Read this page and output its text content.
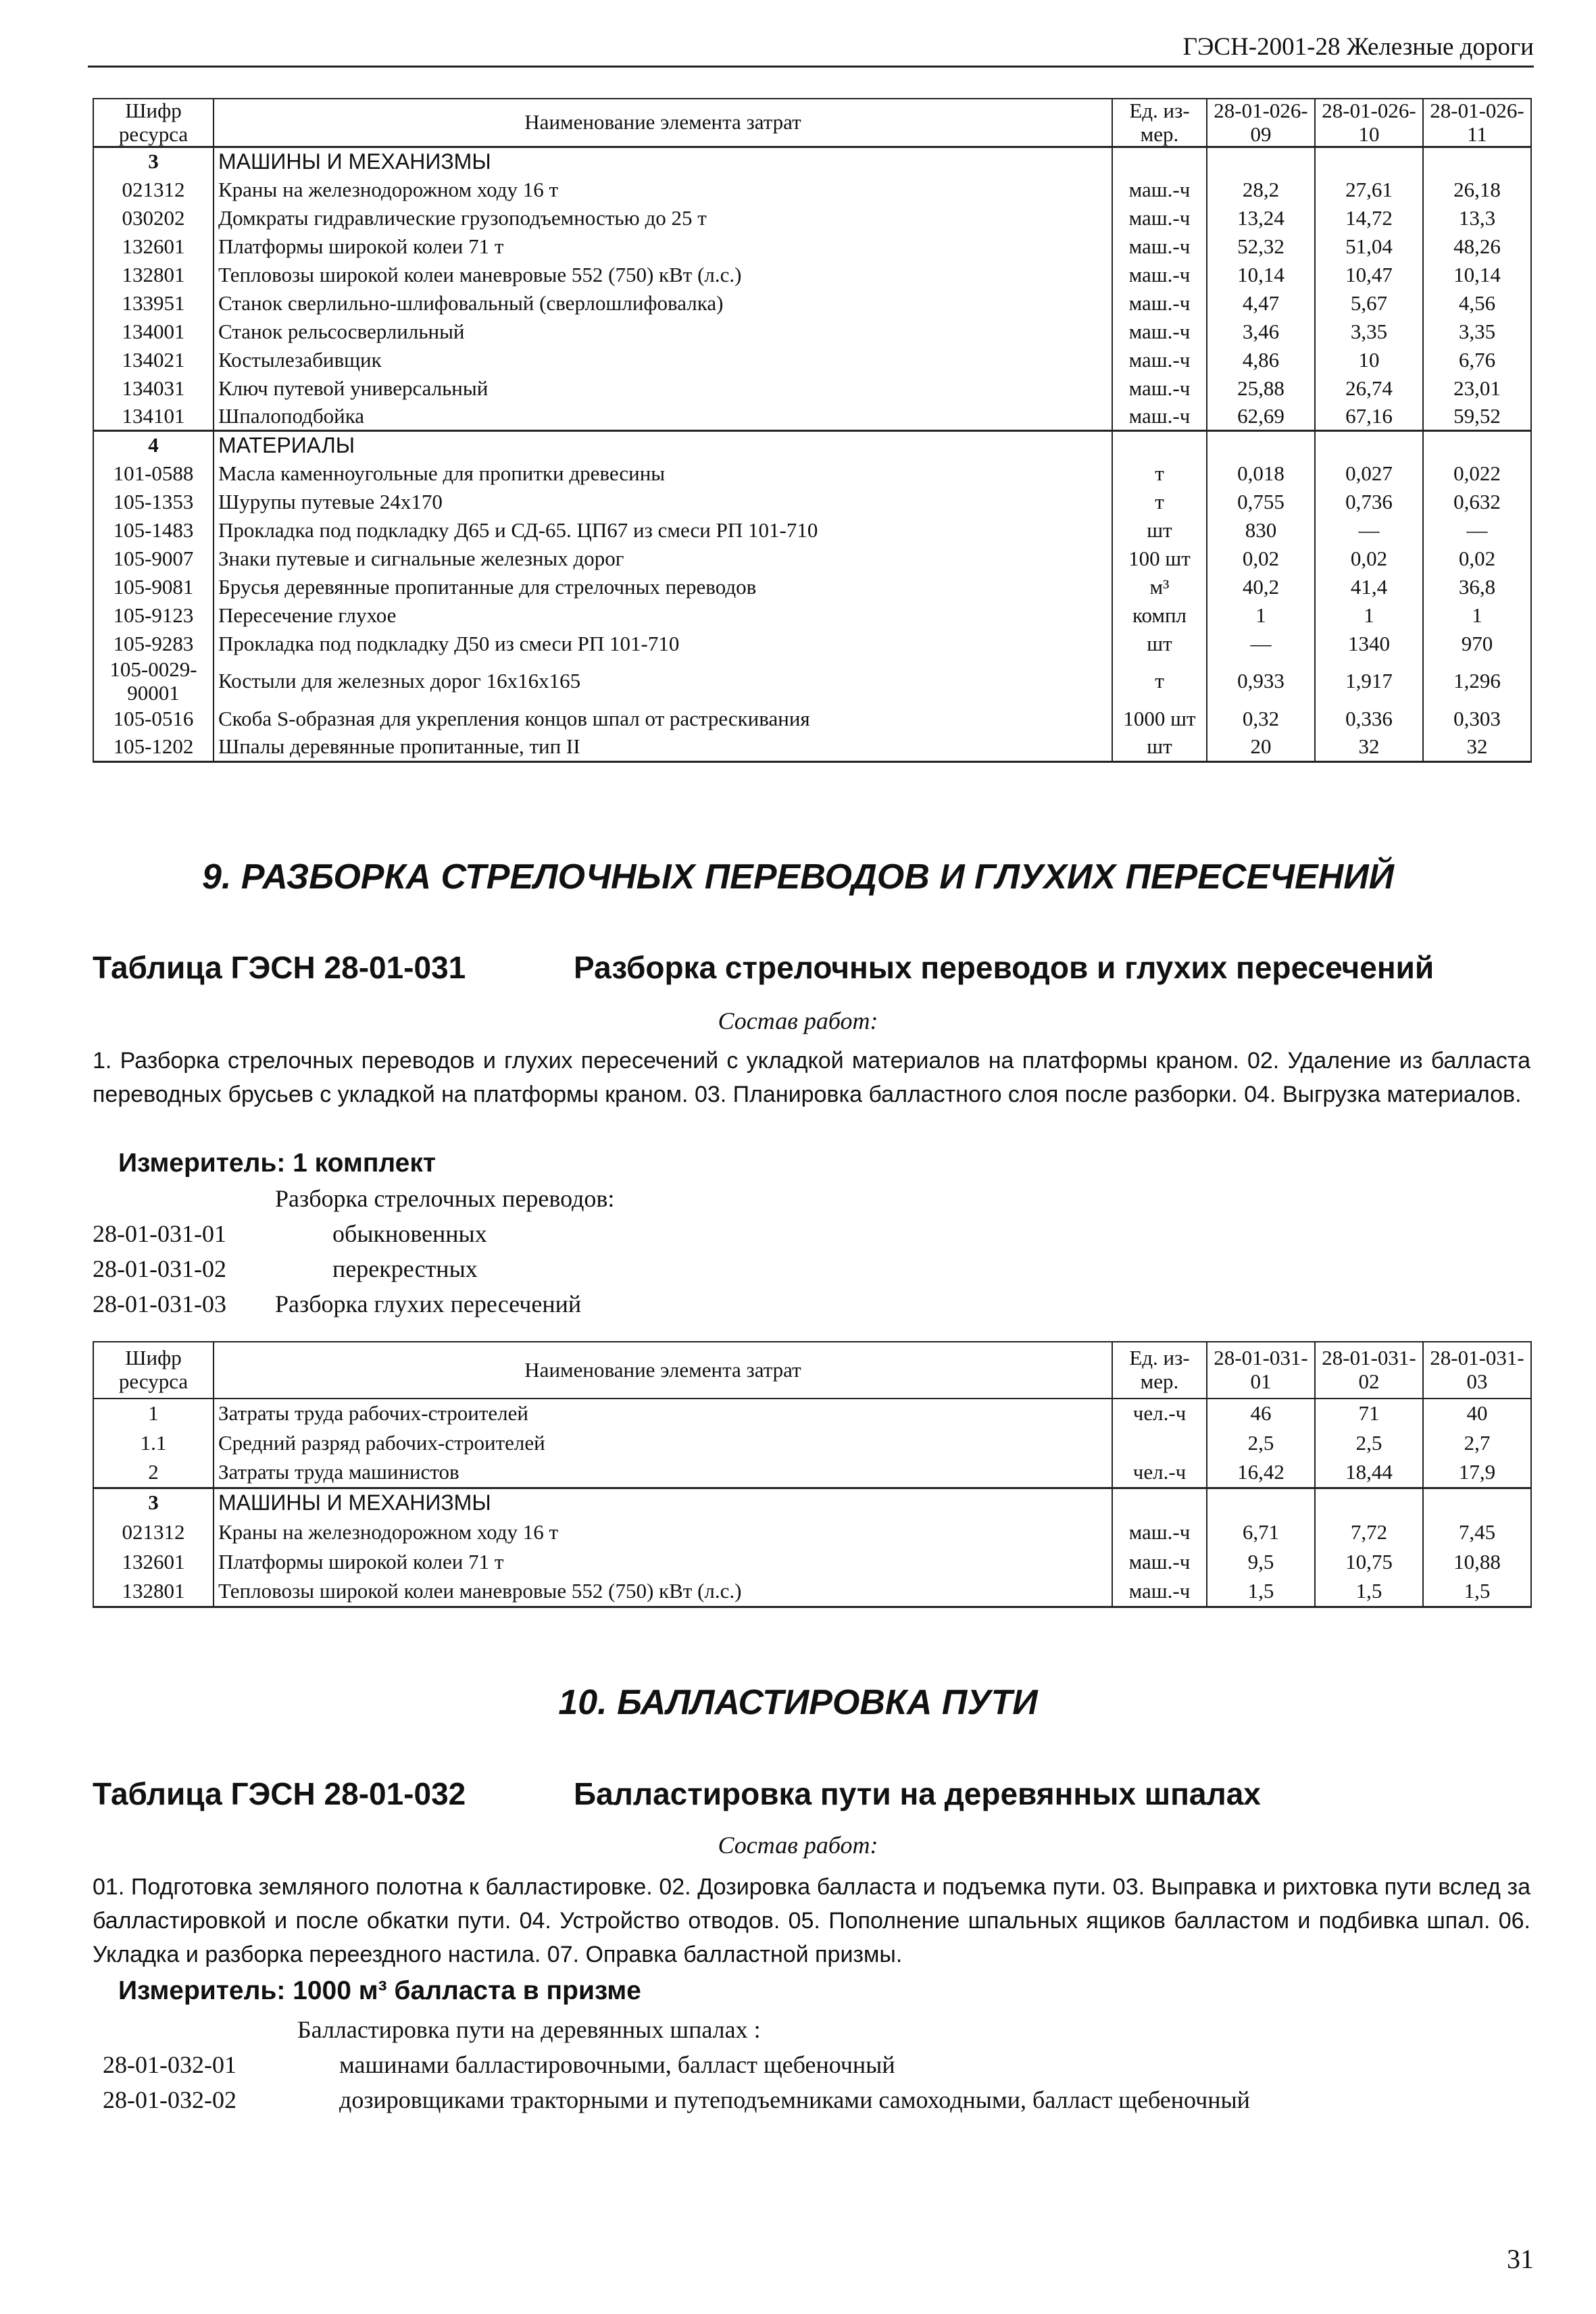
ГЭСН-2001-28 Железные дороги
Шифр ресурса	Наименование элемента затрат	Ед. из-мер.	28-01-026-09	28-01-026-10	28-01-026-11
3	МАШИНЫ И МЕХАНИЗМЫ				
021312	Краны на железнодорожном ходу 16 т	маш.-ч	28,2	27,61	26,18
030202	Домкраты гидравлические грузоподъемностью до 25 т	маш.-ч	13,24	14,72	13,3
132601	Платформы широкой колеи 71 т	маш.-ч	52,32	51,04	48,26
132801	Тепловозы широкой колеи маневровые 552 (750) кВт (л.с.)	маш.-ч	10,14	10,47	10,14
133951	Станок сверлильно-шлифовальный (сверлошлифовалка)	маш.-ч	4,47	5,67	4,56
134001	Станок рельсосверлильный	маш.-ч	3,46	3,35	3,35
134021	Костылезабивщик	маш.-ч	4,86	10	6,76
134031	Ключ путевой универсальный	маш.-ч	25,88	26,74	23,01
134101	Шпалоподбойка	маш.-ч	62,69	67,16	59,52
4	МАТЕРИАЛЫ				
101-0588	Масла каменноугольные для пропитки древесины	т	0,018	0,027	0,022
105-1353	Шурупы путевые 24х170	т	0,755	0,736	0,632
105-1483	Прокладка под подкладку Д65 и СД-65. ЦП67 из смеси РП 101-710	шт	830	—	—
105-9007	Знаки путевые и сигнальные железных дорог	100 шт	0,02	0,02	0,02
105-9081	Брусья деревянные пропитанные для стрелочных переводов	м³	40,2	41,4	36,8
105-9123	Пересечение глухое	компл	1	1	1
105-9283	Прокладка под подкладку Д50 из смеси РП 101-710	шт	—	1340	970
105-0029-90001	Костыли для железных дорог 16х16х165	т	0,933	1,917	1,296
105-0516	Скоба S-образная для укрепления концов шпал от растрескивания	1000 шт	0,32	0,336	0,303
105-1202	Шпалы деревянные пропитанные, тип II	шт	20	32	32
9. РАЗБОРКА СТРЕЛОЧНЫХ ПЕРЕВОДОВ И ГЛУХИХ ПЕРЕСЕЧЕНИЙ
Таблица ГЭСН 28-01-031	Разборка стрелочных переводов и глухих пересечений
Состав работ:
1. Разборка стрелочных переводов и глухих пересечений с укладкой материалов на платформы краном. 02. Удаление из балласта переводных брусьев с укладкой на платформы краном. 03. Планировка балластного слоя после разборки. 04. Выгрузка материалов.
Измеритель: 1 комплект
Разборка стрелочных переводов:
28-01-031-01	обыкновенных
28-01-031-02	перекрестных
28-01-031-03 Разборка глухих пересечений
Шифр ресурса	Наименование элемента затрат	Ед. из-мер.	28-01-031-01	28-01-031-02	28-01-031-03
1	Затраты труда рабочих-строителей	чел.-ч	46	71	40
1.1	Средний разряд рабочих-строителей		2,5	2,5	2,7
2	Затраты труда машинистов	чел.-ч	16,42	18,44	17,9
3	МАШИНЫ И МЕХАНИЗМЫ				
021312	Краны на железнодорожном ходу 16 т	маш.-ч	6,71	7,72	7,45
132601	Платформы широкой колеи 71 т	маш.-ч	9,5	10,75	10,88
132801	Тепловозы широкой колеи маневровые 552 (750) кВт (л.с.)	маш.-ч	1,5	1,5	1,5
10. БАЛЛАСТИРОВКА ПУТИ
Таблица ГЭСН 28-01-032	Балластировка пути на деревянных шпалах
Состав работ:
01. Подготовка земляного полотна к балластировке. 02. Дозировка балласта и подъемка пути. 03. Выправка и рихтовка пути вслед за балластировкой и после обкатки пути. 04. Устройство отводов. 05. Пополнение шпальных ящиков балластом и подбивка шпал. 06. Укладка и разборка переездного настила. 07. Оправка балластной призмы.
Измеритель: 1000 м³ балласта в призме
Балластировка пути на деревянных шпалах :
28-01-032-01	машинами балластировочными, балласт щебеночный
28-01-032-02	дозировщиками тракторными и путеподъемниками самоходными, балласт щебеночный
31
